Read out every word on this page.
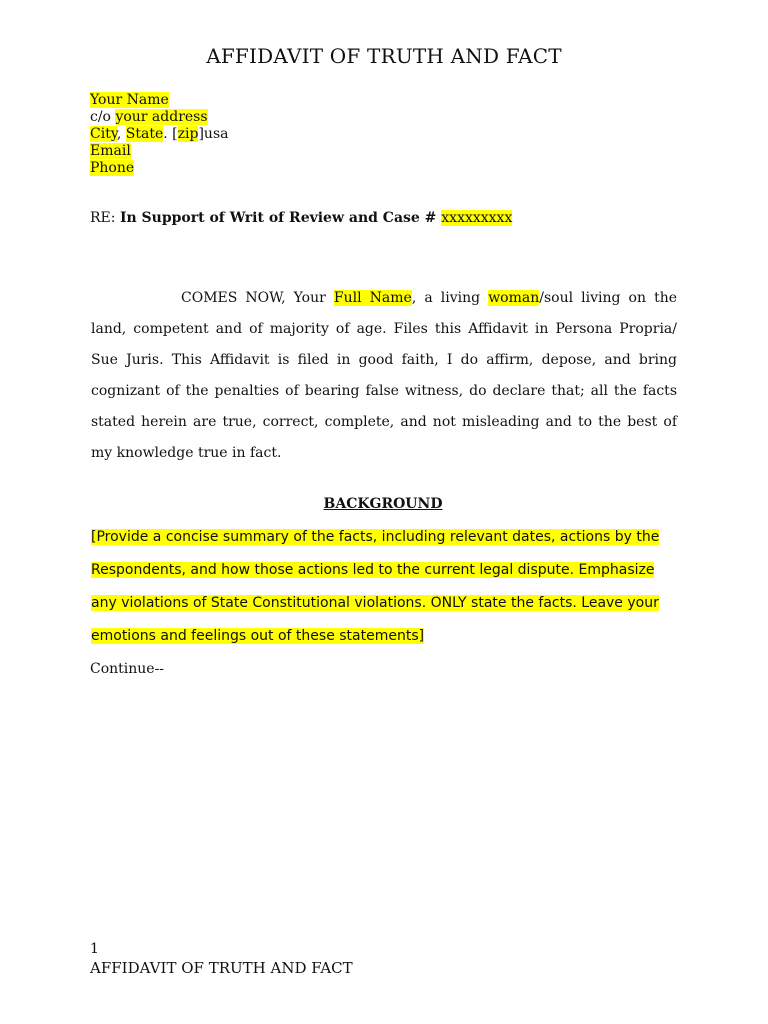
AFFIDAVIT OF TRUTH AND FACT
Your Name
c/o your address
City, State. [zip]usa
Email
Phone
RE: In Support of Writ of Review and Case # xxxxxxxxx
COMES NOW, Your Full Name, a living woman/soul living on the land, competent and of majority of age. Files this Affidavit in Persona Propria/ Sue Juris. This Affidavit is filed in good faith, I do affirm, depose, and bring cognizant of the penalties of bearing false witness, do declare that; all the facts stated herein are true, correct, complete, and not misleading and to the best of my knowledge true in fact.
BACKGROUND
[Provide a concise summary of the facts, including relevant dates, actions by the
Respondents, and how those actions led to the current legal dispute. Emphasize
any violations of State Constitutional violations. ONLY state the facts. Leave your
emotions and feelings out of these statements]
Continue--
1
AFFIDAVIT OF TRUTH AND FACT
